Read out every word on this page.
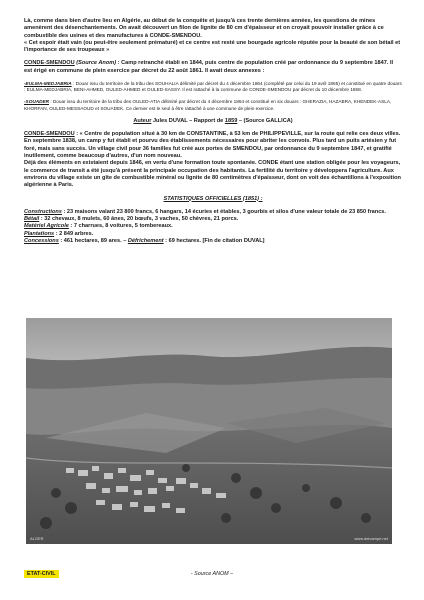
Là, comme dans bien d'autre lieu en Algérie, au début de la conquête et jusqu'à ces trente dernières années, les questions de mines amenèrent des désenchantements. On avait découvert un filon de lignite de 80 cm d'épaisseur et on croyait pouvoir installer grâce à ce combustible des usines et des manufactures à CONDE-SMENDOU.

« Cet espoir était vain (ou peut-être seulement prématuré) et ce centre est resté une bourgade agricole réputée pour la beauté de son bétail et l'importance de ses troupeaux »

CONDE-SMENDOU (Source Anom) : Camp retranché établi en 1844, puis centre de population créé par ordonnance du 9 septembre 1847. Il est érigé en commune de plein exercice par décret du 22 août 1861. Il avait deux annexes :

-EULMA-MEDJABRIA : Douar issu du territoire de la tribu des SOUHALIA délimité par décret du 4 décembre 1864 (complété par celui du 19 avril 1865) et constitué en quatre douars : EULMA-MEDJABRIA, BENI-AHMED, OULED-AHMED et OULED-SASSY. Il est rattaché à la commune de CONDE-SMENDOU par décret du 10 décembre 1868.

-SOUADER : Douar issu du territoire de la tribu des OULED-ATIA délimité par décret du 4 décembre 1864 et constitué en six douars : GHERAZIA, HAZABRA, KHENDEK-ASLA, KHORFAN, OULED-MESSAOUD et SOUADEK. Ce dernier est le seul à être rattaché à une commune de plein exercice.

Auteur Jules DUVAL – Rapport de 1859 – (Source GALLICA)

CONDE-SMENDOU : « Centre de population situé à 30 km de CONSTANTINE, à 53 km de PHILIPPEVILLE, sur la route qui relie ces deux villes.

En septembre 1838, un camp y fut établi et pourvu des établissements nécessaires pour abriter les convois. Plus tard un puits artésien y fut foré, mais sans succès. Un village civil pour 36 familles fut créé aux portes de SMENDOU, par ordonnance du 9 septembre 1847, et gratifié inutilement, comme beaucoup d'autres, d'un nom nouveau.

Déjà des éléments en existaient depuis 1846, en vertu d'une formation toute spontanée. CONDE étant une station obligée pour les voyageurs, le commerce de transit a été jusqu'à présent la principale occupation des habitants. La fertilité du territoire y développera l'agriculture. Aux environs du village existe un gîte de combustible minéral ou lignite de 80 centimètres d'épaisseur, dont on voit des échantillons à l'exposition algérienne à Paris.

STATISTIQUES OFFICIELLES (1851) :

Constructions : 23 maisons valant 23 800 francs, 6 hangars, 14 écuries et étables, 3 gourbis et silos d'une valeur totale de 23 850 francs.

Bétail : 32 chevaux, 8 mulets, 60 ânes, 20 bœufs, 3 vaches, 50 chèvres, 21 porcs.

Matériel Agricole : 7 charrues, 8 voitures, 5 tombereaux.

Plantations : 2 849 arbres.

Concessions : 461 hectares, 89 ares. – Défrichement : 69 hectares. [Fin de citation DUVAL]

ALGER	www.delcampe.net
ETAT-CIVIL	- Source ANOM –
